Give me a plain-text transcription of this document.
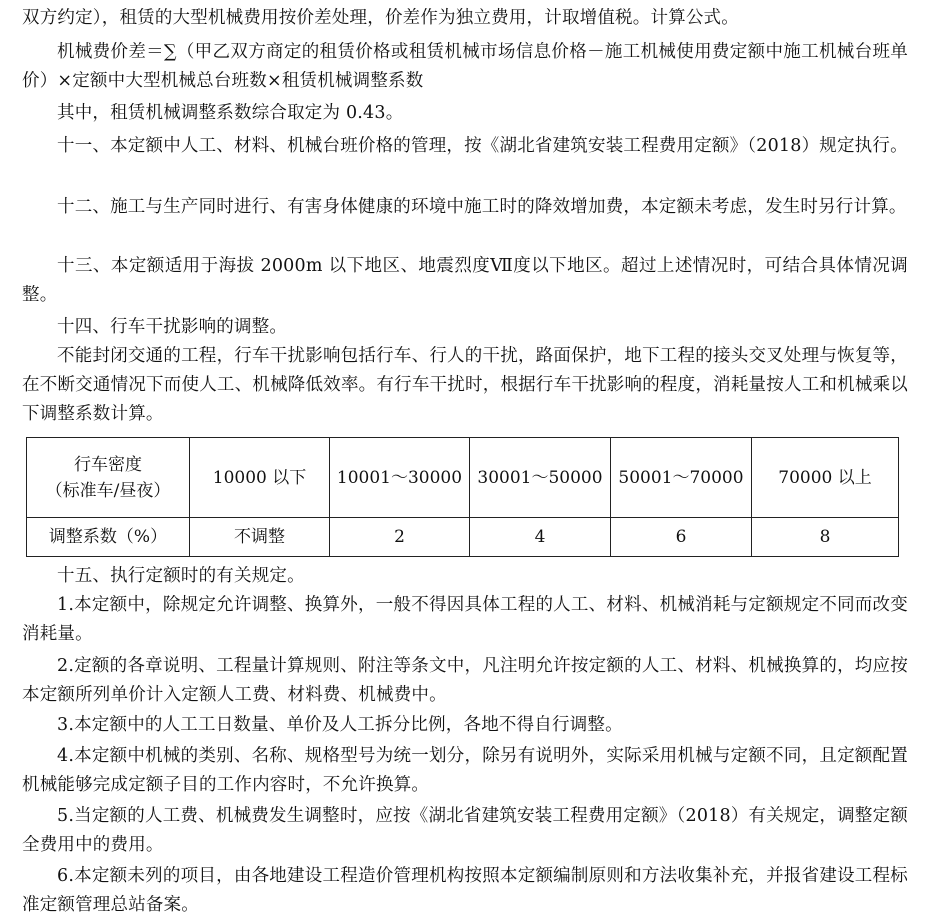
双方约定），租赁的大型机械费用按价差处理，价差作为独立费用，计取增值税。计算公式。

机械费价差＝∑（甲乙双方商定的租赁价格或租赁机械市场信息价格－施工机械使用费定额中施工机械台班单价）×定额中大型机械总台班数×租赁机械调整系数

其中，租赁机械调整系数综合取定为 0.43。

十一、本定额中人工、材料、机械台班价格的管理，按《湖北省建筑安装工程费用定额》（2018）规定执行。

十二、施工与生产同时进行、有害身体健康的环境中施工时的降效增加费，本定额未考虑，发生时另行计算。

十三、本定额适用于海拔 2000m 以下地区、地震烈度Ⅶ度以下地区。超过上述情况时，可结合具体情况调整。

十四、行车干扰影响的调整。

不能封闭交通的工程，行车干扰影响包括行车、行人的干扰，路面保护，地下工程的接头交叉处理与恢复等，在不断交通情况下而使人工、机械降低效率。有行车干扰时，根据行车干扰影响的程度，消耗量按人工和机械乘以下调整系数计算。

行车密度
（标准车/昼夜）	10000 以下	10001～30000	30001～50000	50001～70000	70000 以上
调整系数（%）	不调整	2	4	6	8

十五、执行定额时的有关规定。

1.本定额中，除规定允许调整、换算外，一般不得因具体工程的人工、材料、机械消耗与定额规定不同而改变消耗量。

2.定额的各章说明、工程量计算规则、附注等条文中，凡注明允许按定额的人工、材料、机械换算的，均应按本定额所列单价计入定额人工费、材料费、机械费中。

3.本定额中的人工工日数量、单价及人工拆分比例，各地不得自行调整。

4.本定额中机械的类别、名称、规格型号为统一划分，除另有说明外，实际采用机械与定额不同，且定额配置机械能够完成定额子目的工作内容时，不允许换算。

5.当定额的人工费、机械费发生调整时，应按《湖北省建筑安装工程费用定额》（2018）有关规定，调整定额全费用中的费用。

6.本定额未列的项目，由各地建设工程造价管理机构按照本定额编制原则和方法收集补充，并报省建设工程标准定额管理总站备案。
